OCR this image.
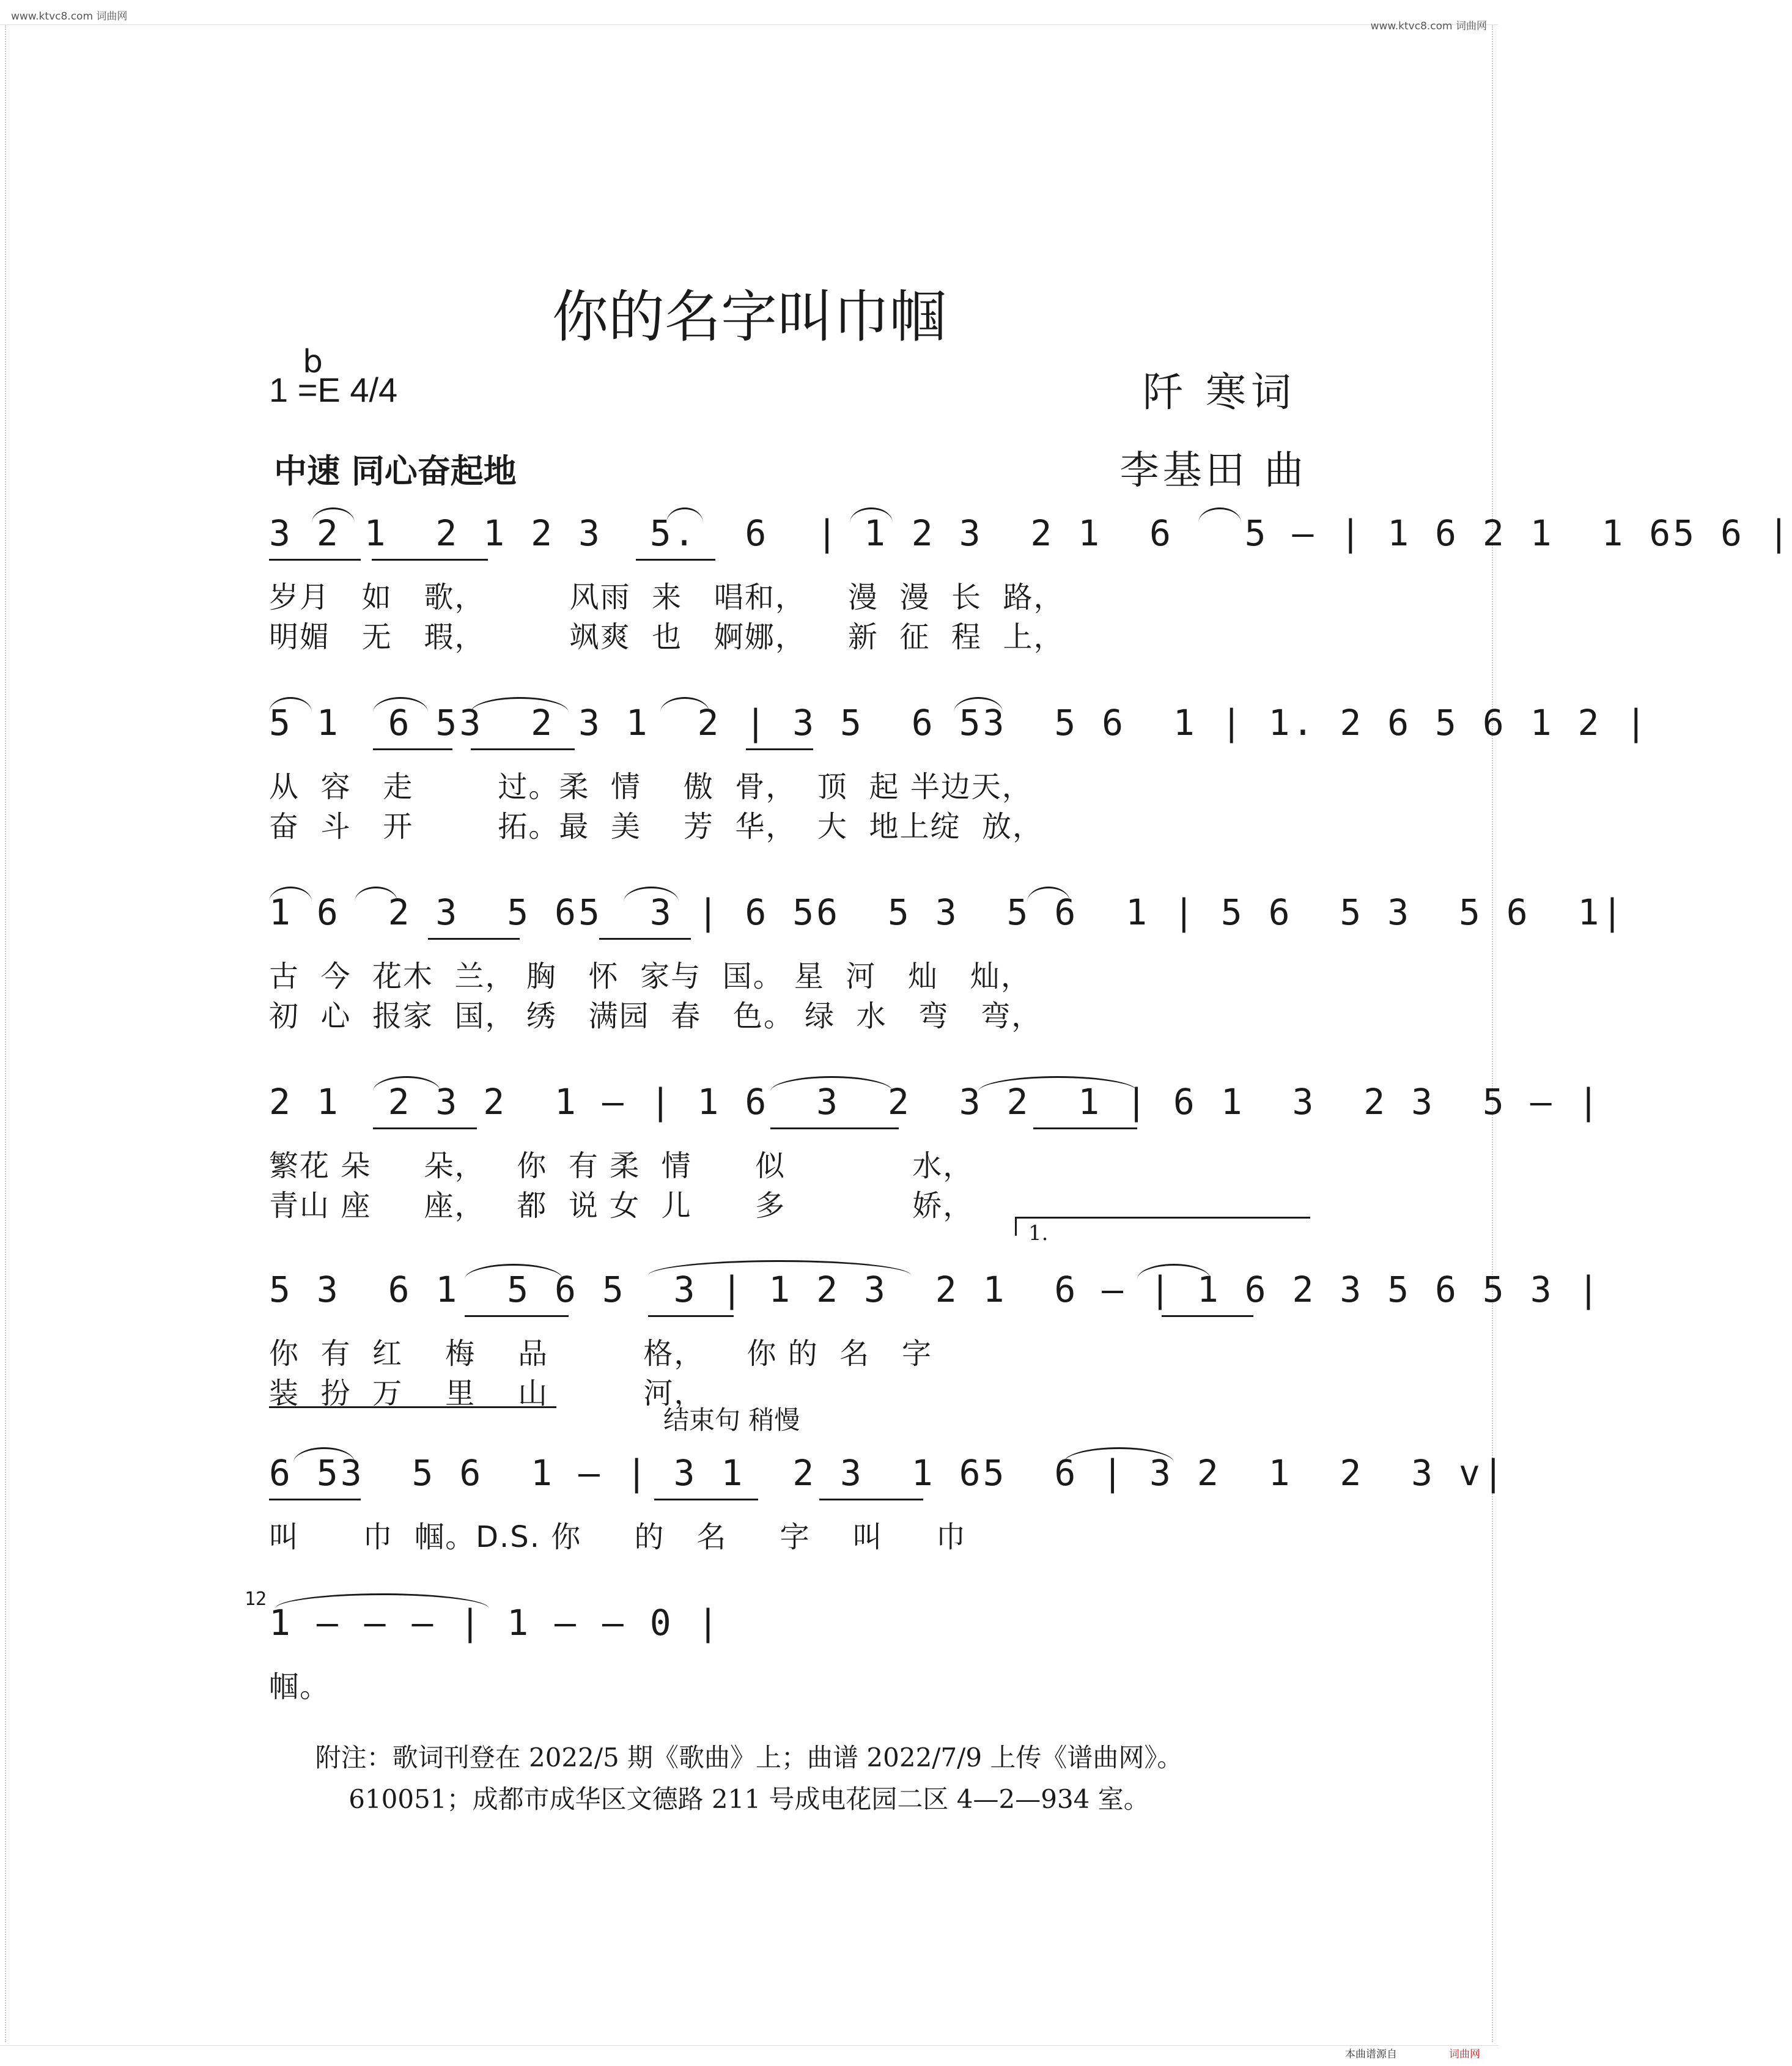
www.ktvc8.com 词曲网
www.ktvc8.com 词曲网
你的名字叫巾帼
b
1 =E 4/4	阡 寒词
中速 同心奋起地	李基田 曲
3 2 1  2 1 2 3  5.  6  | 1 2 3  2 1  6   5 — | 1 6 2 1  1 65 6 |
岁月   如   歌，        风雨  来   唱和，    漫  漫  长  路，
明媚   无   瑕，        飒爽  也   婀娜，    新  征  程  上，
5 1  6 53  2 3 1  2 | 3 5  6 53  5 6  1 | 1. 2 6 5 6 1 2 |
从  容   走        过。柔  情    傲  骨，  顶  起 半边天，
奋  斗   开        拓。最  美    芳  华，  大  地上绽  放，
1 6  2 3  5 65  3 | 6 56  5 3  5 6  1 | 5 6  5 3  5 6  1|
古  今  花木  兰， 胸   怀  家与  国。 星  河   灿   灿，
初  心  报家  国， 绣   满园  春   色。 绿  水   弯   弯，
2 1  2 3 2  1 — | 1 6  3  2  3 2  1 | 6 1  3  2 3  5 — |
繁花 朵     朵，   你  有 柔  情      似            水，
青山 座     座，   都  说 女  儿      多            娇，
1.
5 3  6 1  5 6 5  3 | 1 2 3  2 1  6 — | 1 6 2 3 5 6 5 3 |
你  有  红    梅    品         格，    你 的  名   字
装  扮  万    里    山         河，
结束句 稍慢
6 53  5 6  1 — | 3 1  2 3  1 65  6 | 3 2  1  2  3 v|
叫      巾  帼。D.S. 你     的   名     字    叫     巾
12
1 — — — | 1 — — 0 |
帼。
附注：歌词刊登在 2022/5 期《歌曲》上；曲谱 2022/7/9 上传《谱曲网》。
610051；成都市成华区文德路 211 号成电花园二区 4—2—934 室。
本曲谱源自	词曲网
